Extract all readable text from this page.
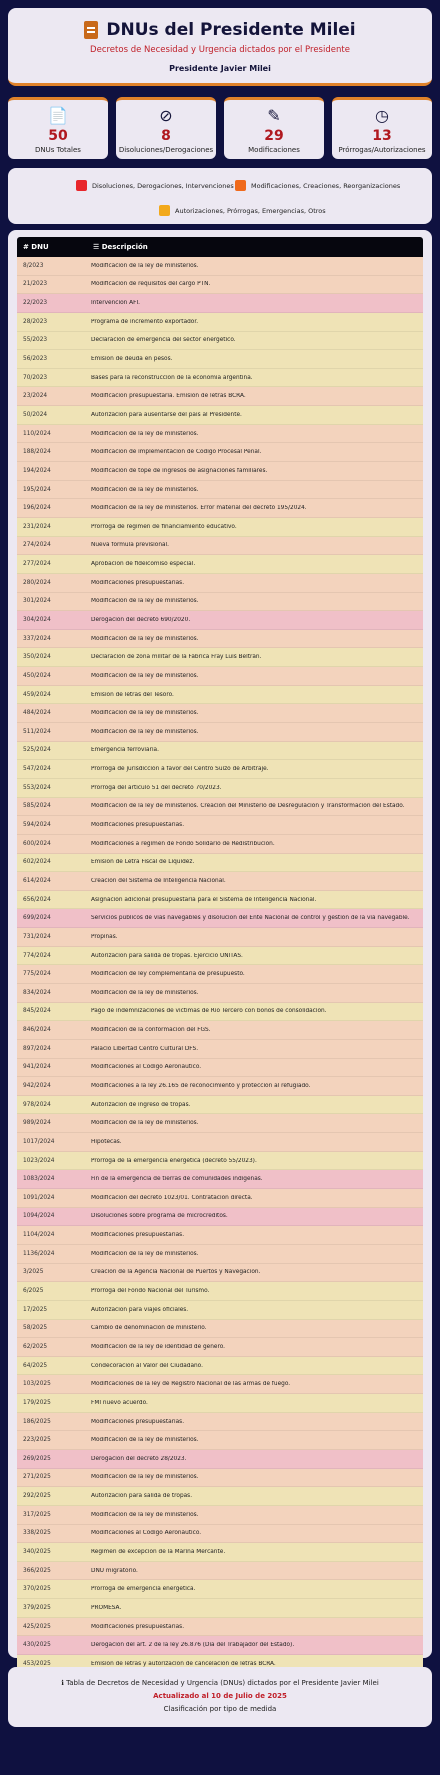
DNUs del Presidente Milei
Decretos de Necesidad y Urgencia dictados por el Presidente
Presidente Javier Milei
📄
50
DNUs Totales
⊘
8
Disoluciones/Derogaciones
✎
29
Modificaciones
◷
13
Prórrogas/Autorizaciones
Disoluciones, Derogaciones, Intervenciones	Modificaciones, Creaciones, Reorganizaciones
Autorizaciones, Prórrogas, Emergencias, Otros
# DNU	☰ Descripción
8/2023	Modificación de la ley de ministerios.
21/2023	Modificación de requisitos del cargo PTN.
22/2023	Intervención AFI.
28/2023	Programa de incremento exportador.
55/2023	Declaración de emergencia del sector energético.
56/2023	Emisión de deuda en pesos.
70/2023	Bases para la reconstrucción de la economía argentina.
23/2024	Modificación presupuestaria. Emisión de letras BCRA.
50/2024	Autorización para ausentarse del país al Presidente.
110/2024	Modificación de la ley de ministerios.
188/2024	Modificación de implementación de Código Procesal Penal.
194/2024	Modificación de tope de ingresos de asignaciones familiares.
195/2024	Modificación de la ley de ministerios.
196/2024	Modificación de la ley de ministerios. Error material del decreto 195/2024.
231/2024	Prórroga de régimen de financiamiento educativo.
274/2024	Nueva fórmula previsional.
277/2024	Aprobación de fideicomiso especial.
280/2024	Modificaciones presupuestarias.
301/2024	Modificación de la ley de ministerios.
304/2024	Derogación del decreto 690/2020.
337/2024	Modificación de la ley de ministerios.
350/2024	Declaración de zona militar de la Fábrica Fray Luis Beltrán.
450/2024	Modificación de la ley de ministerios.
459/2024	Emisión de letras del Tesoro.
484/2024	Modificación de la ley de ministerios.
511/2024	Modificación de la ley de ministerios.
525/2024	Emergencia ferroviaria.
547/2024	Prórroga de jurisdicción a favor del Centro Suizo de Arbitraje.
553/2024	Prórroga del artículo 51 del decreto 70/2023.
585/2024	Modificación de la ley de ministerios. Creación del Ministerio de Desregulación y Transformación del Estado.
594/2024	Modificaciones presupuestarias.
600/2024	Modificaciones a régimen de Fondo Solidario de Redistribución.
602/2024	Emisión de Letra Fiscal de Liquidez.
614/2024	Creación del Sistema de Inteligencia Nacional.
656/2024	Asignación adicional presupuestaria para el Sistema de Inteligencia Nacional.
699/2024	Servicios públicos de vías navegables y disolución del Ente Nacional de control y gestión de la vía navegable.
731/2024	Propinas.
774/2024	Autorización para salida de tropas. Ejercicio UNITAS.
775/2024	Modificación de ley complementaria de presupuesto.
834/2024	Modificación de la ley de ministerios.
845/2024	Pago de indemnizaciones de víctimas de Río Tercero con bonos de consolidación.
846/2024	Modificación de la conformación del FGS.
897/2024	Palacio Libertad Centro Cultural DFS.
941/2024	Modificaciones al Código Aeronáutico.
942/2024	Modificaciones a la ley 26.165 de reconocimiento y protección al refugiado.
978/2024	Autorización de ingreso de tropas.
989/2024	Modificación de la ley de ministerios.
1017/2024	Hipotecas.
1023/2024	Prórroga de la emergencia energética (decreto 55/2023).
1083/2024	Fin de la emergencia de tierras de comunidades indígenas.
1091/2024	Modificación del decreto 1023/01. Contratación directa.
1094/2024	Disoluciones sobre programa de microcréditos.
1104/2024	Modificaciones presupuestarias.
1136/2024	Modificación de la ley de ministerios.
3/2025	Creación de la Agencia Nacional de Puertos y Navegación.
6/2025	Prórroga del Fondo Nacional del Turismo.
17/2025	Autorización para viajes oficiales.
58/2025	Cambio de denominación de ministerio.
62/2025	Modificación de la ley de identidad de género.
64/2025	Condecoración al Valor del Ciudadano.
103/2025	Modificaciones de la ley de Registro Nacional de las armas de fuego.
179/2025	FMI nuevo acuerdo.
186/2025	Modificaciones presupuestarias.
223/2025	Modificación de la ley de ministerios.
269/2025	Derogación del decreto 28/2023.
271/2025	Modificación de la ley de ministerios.
292/2025	Autorización para salida de tropas.
317/2025	Modificación de la ley de ministerios.
338/2025	Modificaciones al Código Aeronáutico.
340/2025	Régimen de excepción de la Marina Mercante.
366/2025	DNU migratorio.
370/2025	Prórroga de emergencia energética.
379/2025	PROMESA.
425/2025	Modificaciones presupuestarias.
430/2025	Derogación del art. 2 de la ley 26.876 (Día del Trabajador del Estado).
453/2025	Emisión de letras y autorización de cancelación de letras BCRA.
ℹ Tabla de Decretos de Necesidad y Urgencia (DNUs) dictados por el Presidente Javier Milei
Actualizado al 10 de Julio de 2025
Clasificación por tipo de medida
